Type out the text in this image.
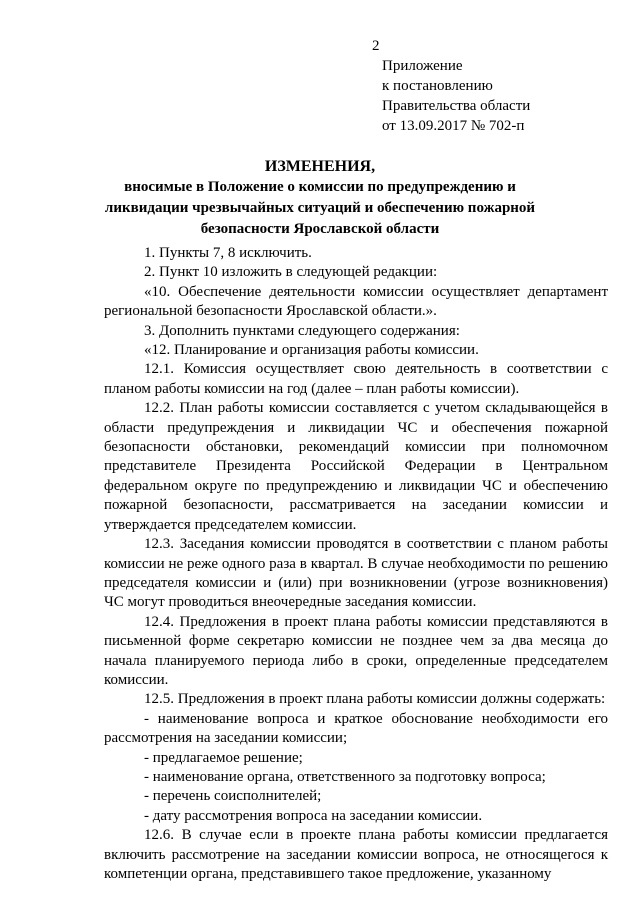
2
Приложение
к постановлению
Правительства области
от 13.09.2017 № 702-п
ИЗМЕНЕНИЯ,
вносимые в Положение о комиссии по предупреждению и ликвидации чрезвычайных ситуаций и обеспечению пожарной безопасности Ярославской области

1. Пункты 7, 8 исключить.

2. Пункт 10 изложить в следующей редакции:

«10. Обеспечение деятельности комиссии осуществляет департамент региональной безопасности Ярославской области.».

3. Дополнить пунктами следующего содержания:

«12. Планирование и организация работы комиссии.

12.1. Комиссия осуществляет свою деятельность в соответствии с планом работы комиссии на год (далее – план работы комиссии).

12.2. План работы комиссии составляется с учетом складывающейся в области предупреждения и ликвидации ЧС и обеспечения пожарной безопасности обстановки, рекомендаций комиссии при полномочном представителе Президента Российской Федерации в Центральном федеральном округе по предупреждению и ликвидации ЧС и обеспечению пожарной безопасности, рассматривается на заседании комиссии и утверждается председателем комиссии.

12.3. Заседания комиссии проводятся в соответствии с планом работы комиссии не реже одного раза в квартал. В случае необходимости по решению председателя комиссии и (или) при возникновении (угрозе возникновения) ЧС могут проводиться внеочередные заседания комиссии.

12.4. Предложения в проект плана работы комиссии представляются в письменной форме секретарю комиссии не позднее чем за два месяца до начала планируемого периода либо в сроки, определенные председателем комиссии.

12.5. Предложения в проект плана работы комиссии должны содержать:

- наименование вопроса и краткое обоснование необходимости его рассмотрения на заседании комиссии;

- предлагаемое решение;

- наименование органа, ответственного за подготовку вопроса;

- перечень соисполнителей;

- дату рассмотрения вопроса на заседании комиссии.

12.6. В случае если в проекте плана работы комиссии предлагается включить рассмотрение на заседании комиссии вопроса, не относящегося к компетенции органа, представившего такое предложение, указанному
